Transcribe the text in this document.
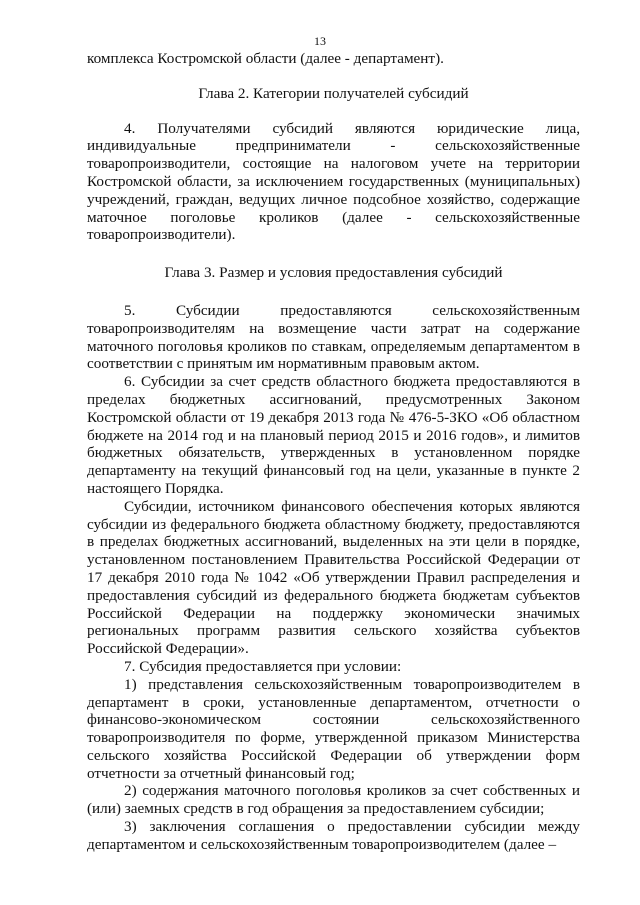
13

комплекса Костромской области (далее - департамент).

Глава 2. Категории получателей субсидий

4. Получателями субсидий являются юридические лица, индивидуальные предприниматели - сельскохозяйственные товаропроизводители, состоящие на налоговом учете на территории Костромской области, за исключением государственных (муниципальных) учреждений, граждан, ведущих личное подсобное хозяйство, содержащие маточное поголовье кроликов (далее - сельскохозяйственные товаропроизводители).

Глава 3. Размер и условия предоставления субсидий

5. Субсидии предоставляются сельскохозяйственным товаропроизводителям на возмещение части затрат на содержание маточного поголовья кроликов по ставкам, определяемым департаментом в соответствии с принятым им нормативным правовым актом.

6. Субсидии за счет средств областного бюджета предоставляются в пределах бюджетных ассигнований, предусмотренных Законом Костромской области от 19 декабря 2013 года № 476-5-ЗКО «Об областном бюджете на 2014 год и на плановый период 2015 и 2016 годов», и лимитов бюджетных обязательств, утвержденных в установленном порядке департаменту на текущий финансовый год на цели, указанные в пункте 2 настоящего Порядка.

Субсидии, источником финансового обеспечения которых являются субсидии из федерального бюджета областному бюджету, предоставляются в пределах бюджетных ассигнований, выделенных на эти цели в порядке, установленном постановлением Правительства Российской Федерации от 17 декабря 2010 года № 1042 «Об утверждении Правил распределения и предоставления субсидий из федерального бюджета бюджетам субъектов Российской Федерации на поддержку экономически значимых региональных программ развития сельского хозяйства субъектов Российской Федерации».

7. Субсидия предоставляется при условии:

1) представления сельскохозяйственным товаропроизводителем в департамент в сроки, установленные департаментом, отчетности о финансово-экономическом состоянии сельскохозяйственного товаропроизводителя по форме, утвержденной приказом Министерства сельского хозяйства Российской Федерации об утверждении форм отчетности за отчетный финансовый год;

2) содержания маточного поголовья кроликов за счет собственных и (или) заемных средств в год обращения за предоставлением субсидии;

3) заключения соглашения о предоставлении субсидии между департаментом и сельскохозяйственным товаропроизводителем (далее –
